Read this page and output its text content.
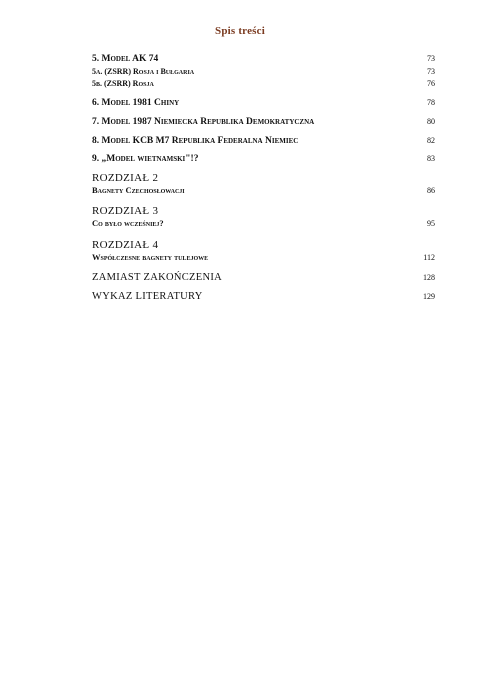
Spis treści
5. Model AK 74	73
5a. (ZSRR) Rosja i Bułgaria	73
5b. (ZSRR) Rosja	76
6. Model 1981 Chiny	78
7. Model 1987 Niemiecka Republika Demokratyczna	80
8. Model KCB M7 Republika Federalna Niemiec	82
9. „Model wietnamski"!?	83
ROZDZIAŁ 2
Bagnety Czechosłowacji	86
ROZDZIAŁ 3
Co było wcześniej?	95
ROZDZIAŁ 4
Współczesne bagnety tulejowe	112
ZAMIAST ZAKOŃCZENIA	128
WYKAZ LITERATURY	129
